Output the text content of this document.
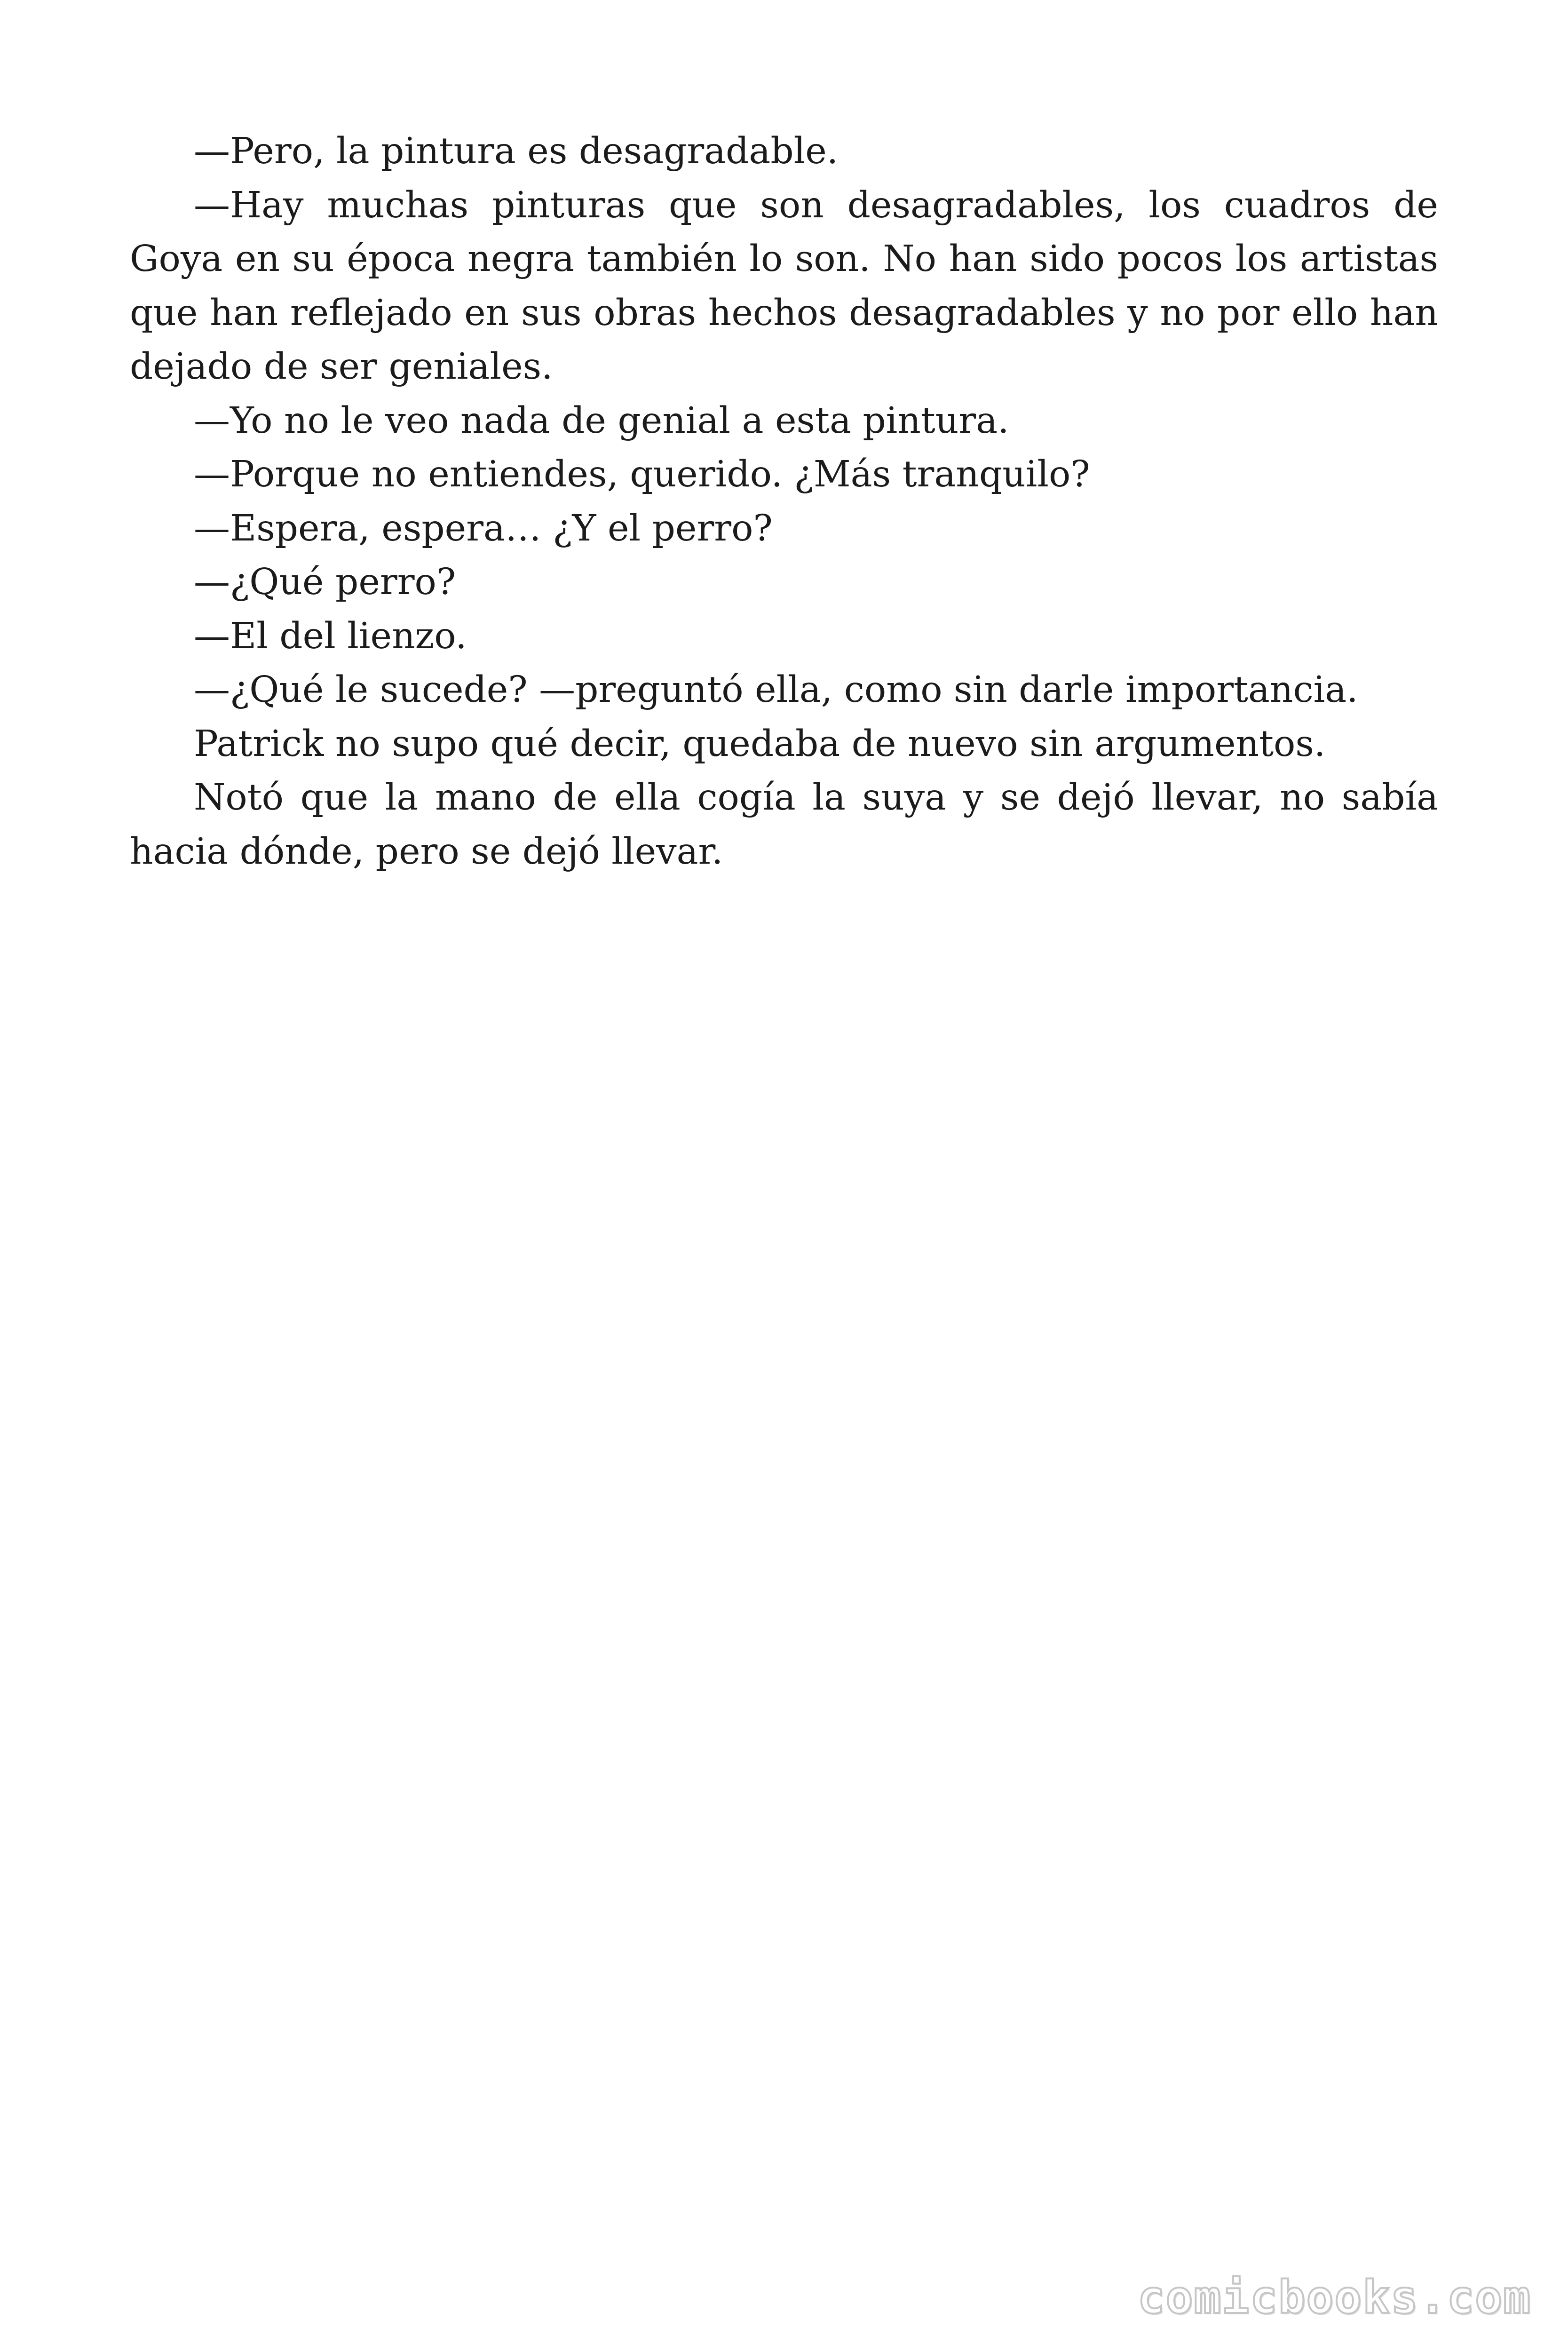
—Pero, la pintura es desagradable.

—Hay muchas pinturas que son desagradables, los cuadros de Goya en su época negra también lo son. No han sido pocos los artistas que han reflejado en sus obras hechos desagradables y no por ello han dejado de ser geniales.

—Yo no le veo nada de genial a esta pintura.

—Porque no entiendes, querido. ¿Más tranquilo?

—Espera, espera… ¿Y el perro?

—¿Qué perro?

—El del lienzo.

—¿Qué le sucede? —preguntó ella, como sin darle importancia.

Patrick no supo qué decir, quedaba de nuevo sin argumentos.

Notó que la mano de ella cogía la suya y se dejó llevar, no sabía hacia dónde, pero se dejó llevar.

comicbooks.com
